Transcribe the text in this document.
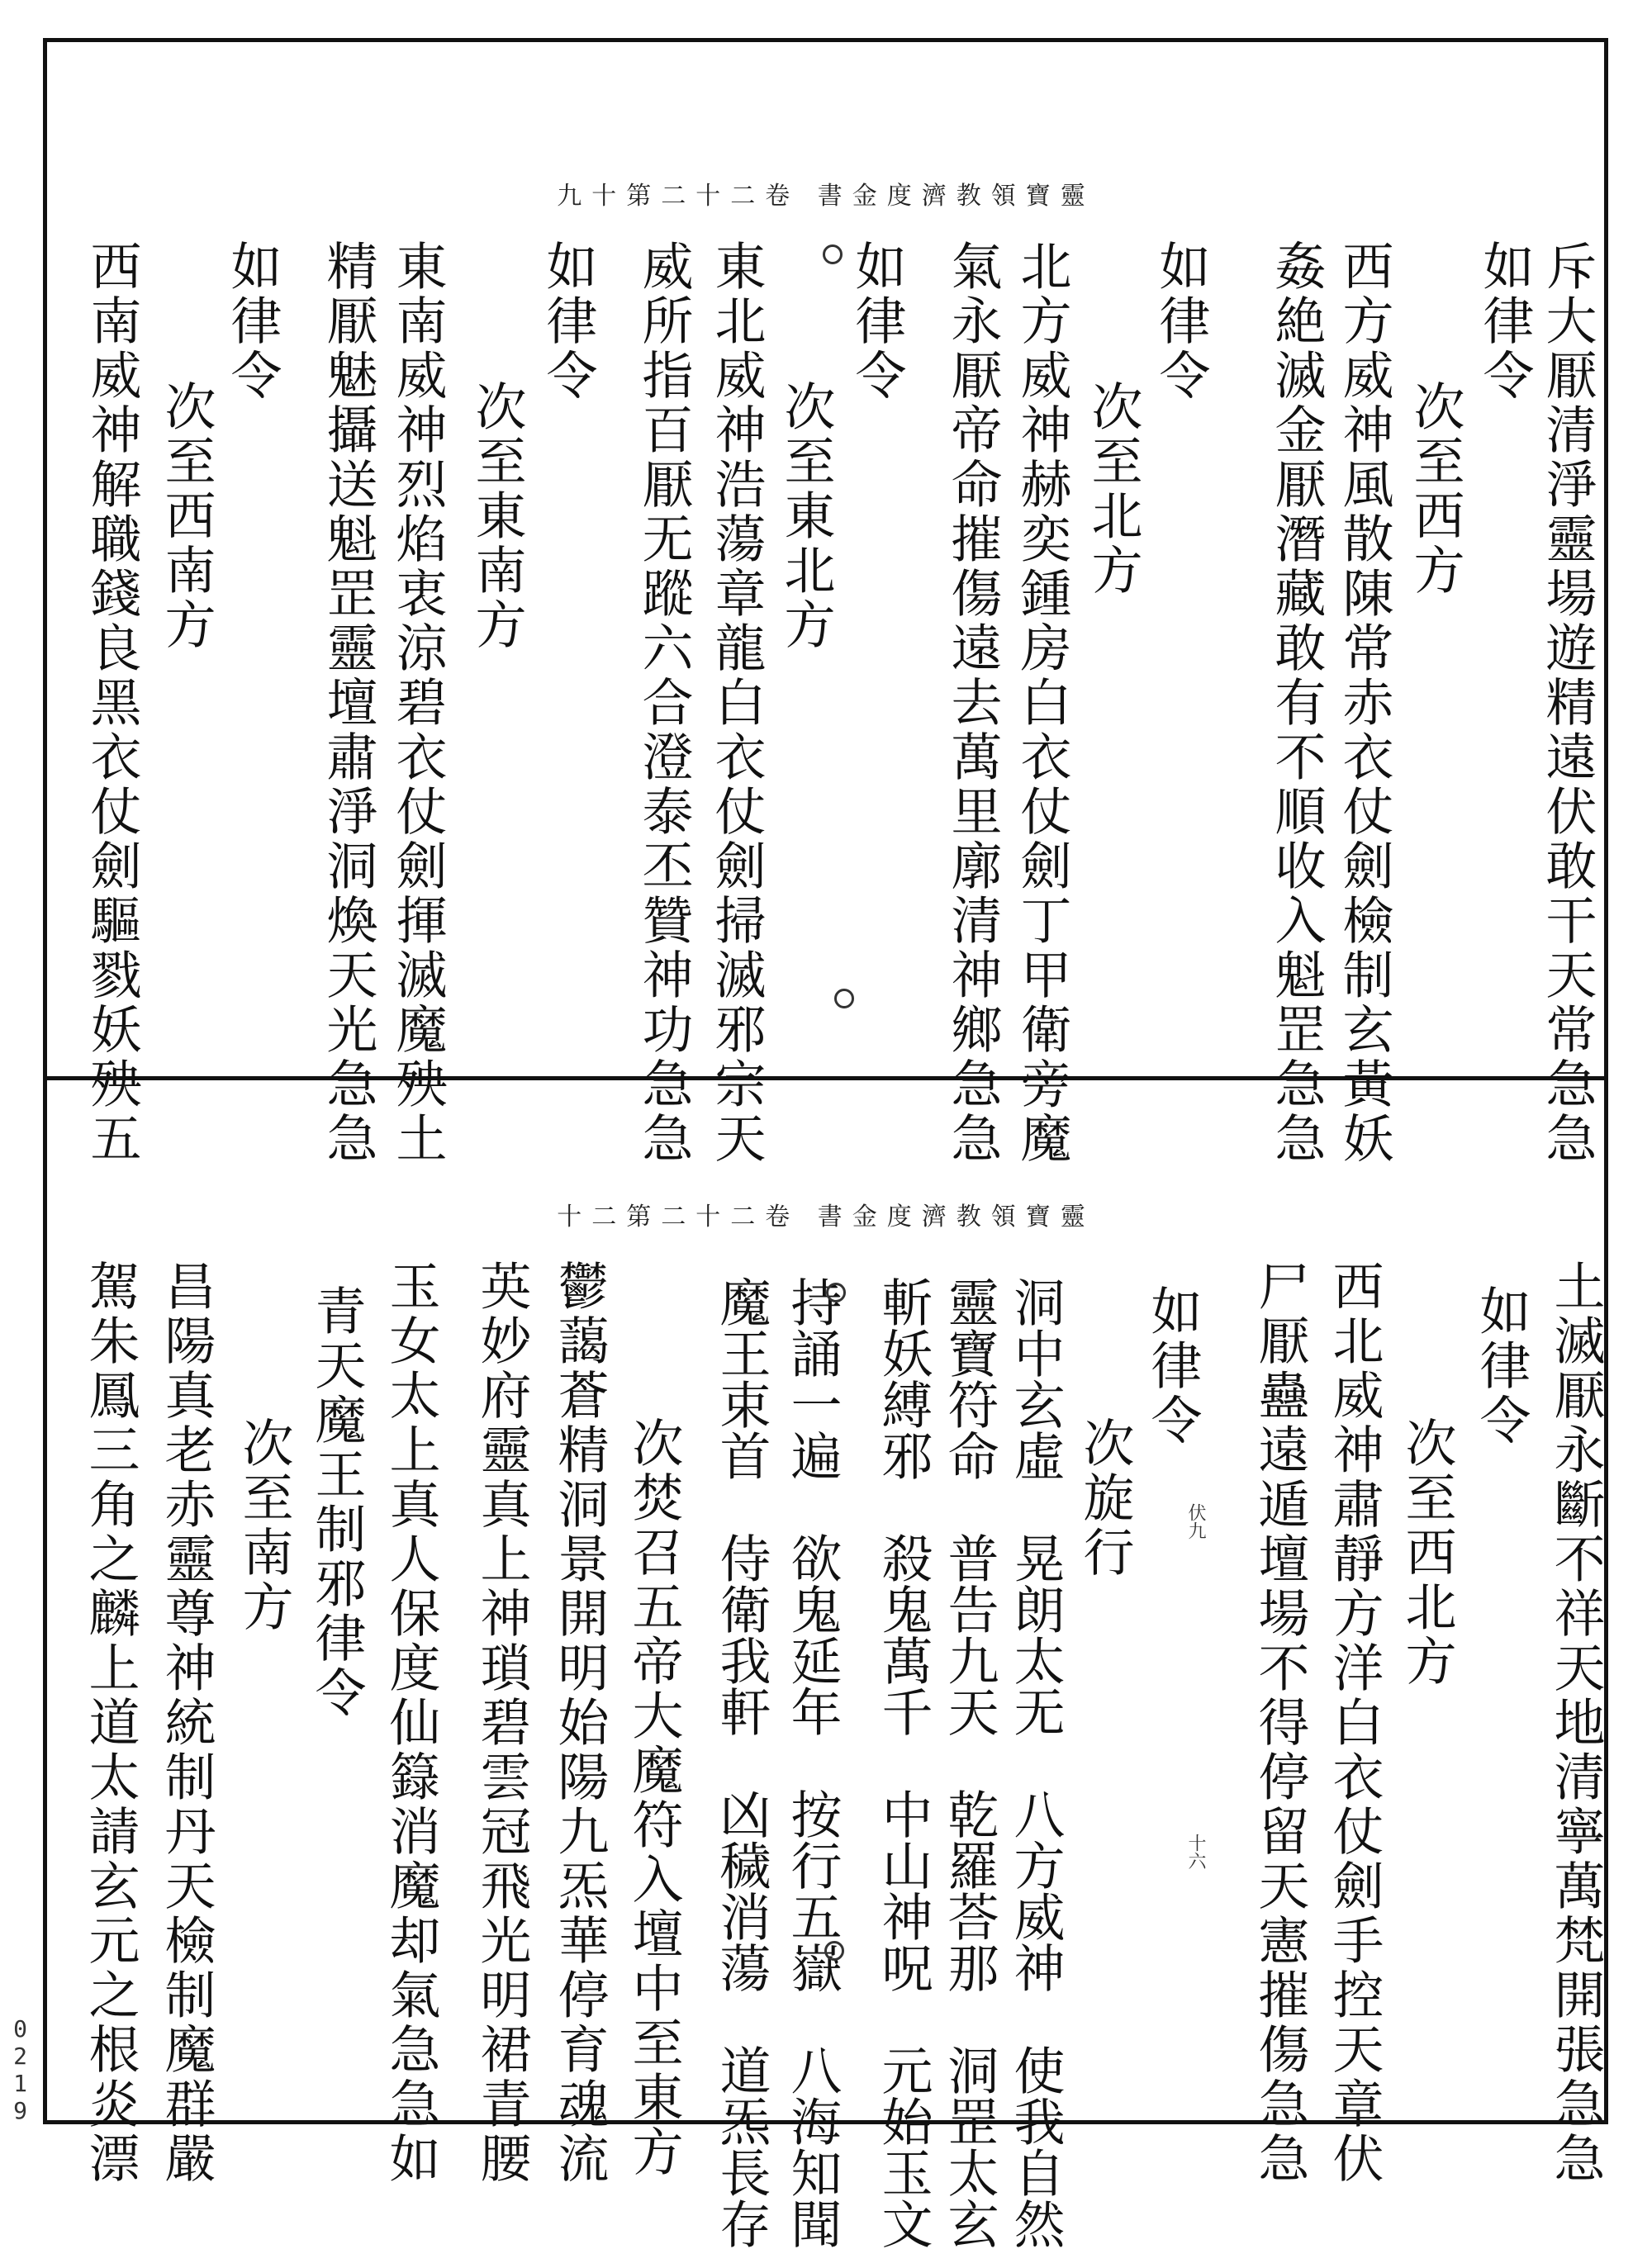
九十第二十二卷 書金度濟教領寶靈
十二第二十二卷 書金度濟教領寶靈
斥大厭清淨靈場遊精遠伏敢干天常急急
如律令
次至西方
西方威神風散陳常赤衣仗劍檢制玄黃妖
姦絶滅金厭潛藏敢有不順收入魁罡急急
如律令
次至北方
北方威神赫奕鍾房白衣仗劍丁甲衛旁魔
氣永厭帝命摧傷遠去萬里廓清神鄉急急
如律令
次至東北方
東北威神浩蕩章龍白衣仗劍掃滅邪宗天
威所指百厭无蹤六合澄泰丕贊神功急急
如律令
次至東南方
東南威神烈焰衷涼碧衣仗劍揮滅魔殃土
精厭魅攝送魁罡靈壇肅淨洞煥天光急急
如律令
次至西南方
西南威神解職錢良黑衣仗劍驅戮妖殃五
土滅厭永斷不祥天地清寧萬梵開張急急
如律令
次至西北方
西北威神肅靜方洋白衣仗劍手控天章伏
尸厭蠱遠遁壇場不得停留天憲摧傷急急
如律令
次旋行
洞中玄虛　晃朗太无　八方威神　使我自然
靈寶符命　普告九天　乾羅荅那　洞罡太玄
斬妖縛邪　殺鬼萬千　中山神呪　元始玉文
持誦一遍　欲鬼延年　按行五嶽　八海知聞
魔王束首　侍衛我軒　凶穢消蕩　道炁長存
次焚召五帝大魔符入壇中至東方
鬱藹蒼精洞景開明始陽九炁華停育魂流
英妙府靈真上神瑣碧雲冠飛光明裙青腰
玉女太上真人保度仙籙消魔却氣急急如
青天魔王制邪律令
次至南方
昌陽真老赤靈尊神統制丹天檢制魔群嚴
駕朱鳳三角之麟上道太請玄元之根炎漂	伏九
十六
0219
